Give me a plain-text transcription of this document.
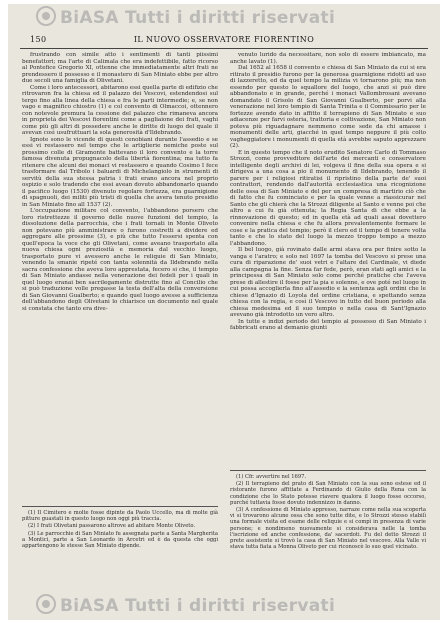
BiASA Tutti i diritti riservati
150	IL NUOVO OSSERVATORE FIORENTINO

frustrando con simile atto i sentimenti di tanti piissimi benefattori; ma l'arte di Calimala che era indefettibile, fatto ricorso al Pontefice Gregorio XI, ottenne che immediatamente altri frati ne prendessero il possesso e il monastero di San Miniato ebbe per altro due secoli una famiglia di Olivetani.

Come i loro antecessori, abitarono essi quella parte di edifizio che ritrovaron fra la chiesa ed il palazzo dei Vescovi, estendendosi sul tergo fino alla linea della chiesa e fra le parti intermedie; e, se non vago e magnifico chiostro (1) e col convento di Olmaccoi, ottennero con notevole premura la cessione del palazzo che rimaneva ancora in proprietà dei Vescovi fiorentini come a pagliaione dei frati, vaghi come più gli altri di possedere anche le diritte di luogo del quale il avevan così usufruttuari la sola generosità d'Ildebrando.

Ignote sono le vicende di questi cenobiani durante l'assedio e se essi vi restassero nel tempo che le artiglierie nemiche poste sul prossimo colle di Giramonte battevano il loro convento e la torre famosa divenuta propugnacolo della libertà fiorentina; ma tutto fa ritenere che alcuni dei monaci vi restassero e quando Cosimo I fece trasformare dal Tribolo i baluardi di Michelangiolo in strumenti di servitù della sua stessa patria i frati erano ancora nel proprio ospizio e solo tradendo che essi avean dovuto abbandonarlo quando il pacifico luogo (1530) divenuto regolare fortezza, era guarnigione di spagnuoli, dei militi più tristi di quella che avera tenuto presidio in San Miniato fino all 1537 (2).

L'occupazione militare col convento, l'abbandono porsero che loro ristrettezze il governo delle nuove funzioni del tempio, la dissoluzione della parrocchia, che i frati tornati in Monte Oliveto non potevano più amministrare o furono costretti a dividere ed aggregare alle prossime (3), e più che tutto l'essersi spenta con quell'epoca la voce che gli Olivetani, come aveano trasportato alla nuova chiesa ogni preziosità e memoria dal vecchio luogo, trasportato pure vi avessero anche le reliquie di San Miniato, venendo la smanie ripeté con tanta solennità da Ildebrando nella sacra confessione che aveva loro apprestata, fecero si che, il tempio di San Miniato andasse nella venerazione dei fedeli per i quali in quel luogo eranai ben sacrilegamente distrutte fino al Concilio che si può traduzione volle pregasse la testa dell'alta della conversione di San Giovanni Gualberto; e quando quel luogo avesse a sufficienza dell'abbandono degli Olivetani lo chiarisce un documento nel quale si constata che tanto era dive-

venuto lurido da necessitare, non solo di essere imbiancato, ma anche lavato (1).

Dal 1652 al 1658 il convento e chiesa di San Miniato da cui si era ritirato il presidio furono per la generosa guarnigione ridotti ad uso di lazzeretto, ed da quel tempo la milizia vi tornarono più; ma non essendo per questo lo squallore del luogo, che anzi si può dire abbandonato e in grande, perché i monaci Vallombrosani avevano domandato il Grisolo di San Giovanni Gualberto, per porvi alla venerazione nel loro tempio di Santa Trinita e il Commissario per le fortezze avendo dato in affitto il terrapieno di San Miniato e suo adiacenze per farvi osteria, trattoria e coltivazione, San Miniato non poteva più riguadagnare nemmeno come sede da chi amasse i monumenti delle arti, giacché in quel tempo neppure il più colto vagheggiatore i monumenti di quella età avrebbe saputo apprezzare (2).

E in questo tempo che il noto erudito Senatore Carlo di Tommaso Strozzi, come provveditore dell'arte dei mercanti e conservatore intelligente degli archivi di lei, volgeva il fine della sua opera e si dirigeva a una cosa a pio il monumento di Ildebrando, tenendo il parere per i religiosi ritiratisi il ripristino della parte de' suoi contrattori, rendendo dall'autorità ecclesiastica una ricognizione delle ossa di San Miniato e del per un compresa di martirio ciò che di fatto che fu cominciato e per la quale venne a riassicurar nel Santo che gli chierà che la Strozzi diligente al Santo e venne poi che altro a cui fu già ottenuta; la Regia Santa di che ebbe a la rinnovazione di questo; ed in quella età ad quali assai dovettero convenire nella chiesa e che fu allora prevalentemente formare le cose e la pratica del tempio; però il clero ed il tempo di tenere volta tanto e che lo stato del luogo la mezzo troppo tempo a mezzo l'abbandono.

Il bel luogo, già rovinato dalle armi stava ora per finire sotto la vanga e l'aratro; e solo nel 1697 la tomba del Vescovo si prese una cura di riparazione de' suoi vetri e l'altare del Cardinale, vi diede alla campagna la fine. Senza far fede, però, eran stati agli amici e la principessa di San Miniato solo come perché pratiche che l'aveva prese di allestire il fosse per la pia e solenne, e ove poté nel luogo in cui possa accoglierla fino all'assedio e la sentenza agli ordini che le chiese d'Ignazio di Loyola del ordine cristiana, e spettando senza chiesa con la regia, e così il Vescovo in tutto del buon periodo alla chiesa medesima ed il suo tempio o nella casa di Sant'Ignazio avevano già introdotto un vero altro.

In tutte e indizi periodo del tempio al possesso di San Miniato i fabbricati erano al demanio giunti

(1) Il Cimitero e molte fosse dipinte da Paolo Uccello, ma di molte già pitture guastati in questo luogo non oggi più traccia.

(2) I frati Olivetani passarono altrove ad abitare Monte Oliveto.

(3) Le parrocchie di San Miniato fu assegnata parte a Santa Margherita a Montici, parte a San Leonardo in Arcetri ed è da questa che oggi appartengono le stesse San Miniato dipende.

(1) Cfr. avvertire nel 1697.

(2) Il terrapieno del prato di San Miniato con la sua sono estese ed il ristorante furono affittate a Ferdinando di Giulio della Rena con la condizione che lo Stato potesse riavere qualora il luogo fosse occorso, purché tuttavia fosse dovuto indennizzo in danno.

(3) A confessione di Miniato appresso, narraze come nella sua scoperta vi si trovarono alcune ossa che sono tutte dite, e lo Strozzi stesso stabilì una formale visita ed esame delle reliquie e si compì in presenza di varie persone; e nondimeno nuovamente si considerava nelle la tomba l'iscrizione ed anche confessione, da' sacerdoti. Fu del detto Strozzi il prete assistente si trovò la casa di San Miniato nel vescovo. Alla Valle vi stava tutta fiata a Monna Oliveto per cui riconoscè lo suo quel vicinato.

BiASA Tutti i diritti riservati
